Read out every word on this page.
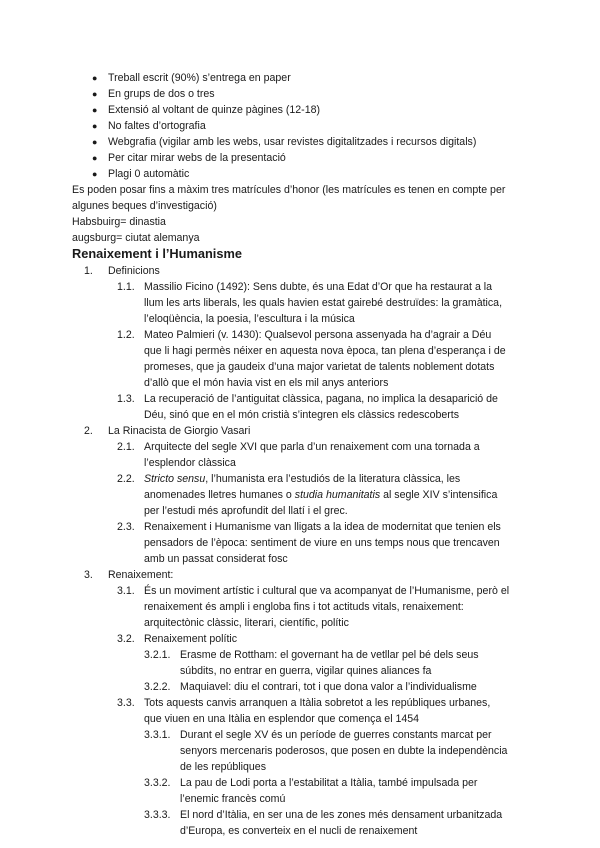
● Treball escrit (90%) s’entrega en paper
● En grups de dos o tres
● Extensió al voltant de quinze pàgines (12-18)
● No faltes d’ortografia
● Webgrafia (vigilar amb les webs, usar revistes digitalitzades i recursos digitals)
● Per citar mirar webs de la presentació
● Plagi 0 automàtic
Es poden posar fins a màxim tres matrícules d’honor (les matrícules es tenen en compte per
algunes beques d’investigació)
Habsbuirg= dinastia
augsburg= ciutat alemanya
Renaixement i l’Humanisme
1. Definicions
1.1. Massilio Ficino (1492): Sens dubte, és una Edat d’Or que ha restaurat a la
llum les arts liberals, les quals havien estat gairebé destruïdes: la gramàtica,
l’eloqüència, la poesia, l’escultura i la música
1.2. Mateo Palmieri (v. 1430): Qualsevol persona assenyada ha d’agrair a Déu
que li hagi permès néixer en aquesta nova època, tan plena d’esperança i de
promeses, que ja gaudeix d’una major varietat de talents noblement dotats
d’allò que el món havia vist en els mil anys anteriors
1.3. La recuperació de l’antiguitat clàssica, pagana, no implica la desaparició de
Déu, sinó que en el món cristià s’integren els clàssics redescoberts
2. La Rinacista de Giorgio Vasari
2.1. Arquitecte del segle XVI que parla d’un renaixement com una tornada a
l’esplendor clàssica
2.2. Stricto sensu, l’humanista era l’estudiós de la literatura clàssica, les
anomenades lletres humanes o studia humanitatis al segle XIV s’intensifica
per l’estudi més aprofundit del llatí i el grec.
2.3. Renaixement i Humanisme van lligats a la idea de modernitat que tenien els
pensadors de l’època: sentiment de viure en uns temps nous que trencaven
amb un passat considerat fosc
3. Renaixement:
3.1. És un moviment artístic i cultural que va acompanyat de l’Humanisme, però el
renaixement és ampli i engloba fins i tot actituds vitals, renaixement:
arquitectònic clàssic, literari, científic, polític
3.2. Renaixement polític
3.2.1. Erasme de Rottham: el governant ha de vetllar pel bé dels seus
súbdits, no entrar en guerra, vigilar quines aliances fa
3.2.2. Maquiavel: diu el contrari, tot i que dona valor a l’individualisme
3.3. Tots aquests canvis arranquen a Itàlia sobretot a les repúbliques urbanes,
que viuen en una Itàlia en esplendor que comença el 1454
3.3.1. Durant el segle XV és un període de guerres constants marcat per
senyors mercenaris poderosos, que posen en dubte la independència
de les repúbliques
3.3.2. La pau de Lodi porta a l’estabilitat a Itàlia, també impulsada per
l’enemic francès comú
3.3.3. El nord d’Itàlia, en ser una de les zones més densament urbanitzada
d’Europa, es converteix en el nucli de renaixement
